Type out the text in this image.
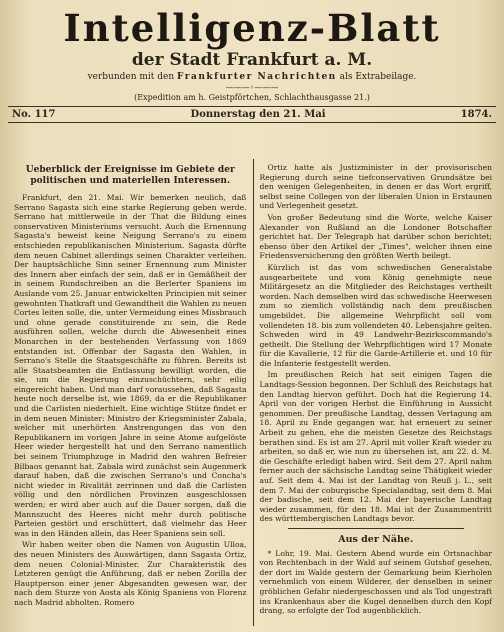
Intelligenz-Blatt
der Stadt Frankfurt a. M.
verbunden mit den Frankfurter Nachrichten als Extrabeilage.
———◦———
(Expedition am h. Geistpförtchen, Schlachthausgasse 21.)
No. 117	Donnerstag den 21. Mai	1874.
Ueberblick der Ereignisse im Gebiete der politischen und materiellen Interessen.

Frankfurt, den 21. Mai. Wir bemerken neulich, daß Serrano Sagasta sich eine starke Regierung geben werde. Serrano hat mittlerweile in der That die Bildung eines conservativen Ministeriums versucht. Auch die Ernennung Sagasta's beweist keine Neigung Serrano's zu einem entschieden republikanischen Ministerium. Sagasta dürfte dem neuen Cabinet allerdings seinen Charakter verleihen. Der hauptsächliche Sinn seiner Ernennung zum Minister des Innern aber einfach der sein, daß er in Gemäßheit der in seinem Rundschreiben an die Berlerter Spaniens im Auslande vom 25. Januar entwickelten Principien mit seiner gewohnten Thatkraft und Gewandtheit die Wahlen zu neuen Cortes leiten solle, die, unter Vermeidung eines Missbrauch und ohne gerade constituirende zu sein, die Rede ausführen sollen, welche durch die Abwesenheit eines Monarchen in der bestehenden Verfassung von 1869 entstanden ist. Offenbar der Sagasta den Wahlen, in Serrano's Stelle die Staatsgeschäfte zu führen. Bereits ist alle Staatsbeamten die Entlassung bewilligt worden, die sie, um die Regierung einzuschüchtern, sehr eilig eingereicht haben. Und man darf voraussehen, daß Sagasta heute noch derselbe ist, wie 1869, da er die Republikaner und die Carlisten niederhielt. Eine wichtige Stütze findet er in dem neuen Minister: Ministro der Kriegsminister Zabala, welcher mit unerhörten Anstrengungen das von den Republikanern im vorigen Jahre in seine Atome aufgelöste Heer wieder hergestellt hat und den Serrano namentlich bei seinem Triumphzuge in Madrid den wahren Befreier Bilbaos genannt hat. Zabala wird zunächst sein Augenmerk darauf haben, daß die zwischen Serrano's und Concha's nicht wieder in Rivalität zerrinnen und daß die Carlisten völlig und den nördlichen Provinzen ausgeschlossen werden; er wird aber auch auf die Dauer sorgen, daß die Mannszucht des Heeres nicht mehr durch politische Parteien gestört und erschüttert, daß vielmehr das Heer was in den Händen allein, das Heer Spaniens sein soll.

Wir haben weiter oben die Namen von Augustin Ulloa, des neuen Ministers des Auswärtigen, dann Sagasta Ortiz, dem neuen Colonial-Minister. Zur Charakteristik des Letzteren genügt die Anführung, daß er neben Zorilla der Hauptperson einer jener Abgesandten gewesen war, der nach dem Sturze von Aosta als König Spaniens von Florenz nach Madrid abholten. Romero

Ortiz hatte als Justizminister in der provisorischen Regierung durch seine tiefconservativen Grundsätze bei den wenigen Gelegenheiten, in denen er das Wort ergriff, selbst seine Collegen von der liberalen Union in Erstaunen und Verlegenheit gesetzt.

Von großer Bedeutung sind die Worte, welche Kaiser Alexander von Rußland an die Londoner Botschafter gerichtet hat. Der Telegraph hat darüber schon berichtet; ebenso über den Artikel der „Times", welcher ihnen eine Friedensversicherung den größten Werth beilegt.

Kürzlich ist das vom schwedischen Generalstabe ausgearbeitete und vom König genehmigte neue Militärgesetz an die Mitglieder des Reichstages vertheilt worden. Nach demselben wird das schwedische Heerwesen zum so ziemlich vollständig nach dem preußischen umgebildet. Die allgemeine Wehrpflicht soll vom vollendeten 18. bis zum vollendeten 40. Lebensjahre gelten. Schweden wird in 49 Landwehr-Bezirkscommando's getheilt. Die Stellung der Wehrpflichtigen wird 17 Monate für die Kavallerie, 12 für die Garde-Artillerie et. und 10 für die Infanterie festgestellt werden.

Im preußischen Reich hat seit einigen Tagen die Landtags-Session begonnen. Der Schluß des Reichstags hat den Landtag hiervon geführt. Doch hat die Regierung 14. April von der vorigen Herbst die Einführung in Aussicht genommen. Der preußische Landtag, dessen Vertagung am 18. April zu Ende gegangen war, hat erneuert zu seiner Arbeit zu gehen, ehe die meisten Gesetze des Reichstags berathen sind. Es ist am 27. April mit voller Kraft wieder zu arbeiten, so daß er, wie nun zu übersehen ist, am 22. d. M. die Geschäfte erledigt haben wird. Seit dem 27. April nahm ferner auch der sächsische Landtag seine Thätigkeit wieder auf. Seit dem 4. Mai ist der Landtag von Reuß j. L., seit dem 7. Mai der coburgische Specialandtag, seit dem 8. Mai der badische, seit dem 12. Mai der bayerische Landtag wieder zusammen, für den 18. Mai ist der Zusammentritt des württembergischen Landtags bevor.

Aus der Nähe.

* Lohr, 19. Mai. Gestern Abend wurde ein Ortsnachbar von Rechtenbach in der Wald auf seinem Gutshof gesehen, der dort im Walde gestern der Gemarkung beim Kierholen vernehmlich von einem Wilderer, der denselben in seiner gröblichen Gefahr niedergeschossen und als Tod ungestraft ins Krankenhaus aber die Kugel denselben durch den Kopf drang, so erfolgte der Tod augenblicklich.
